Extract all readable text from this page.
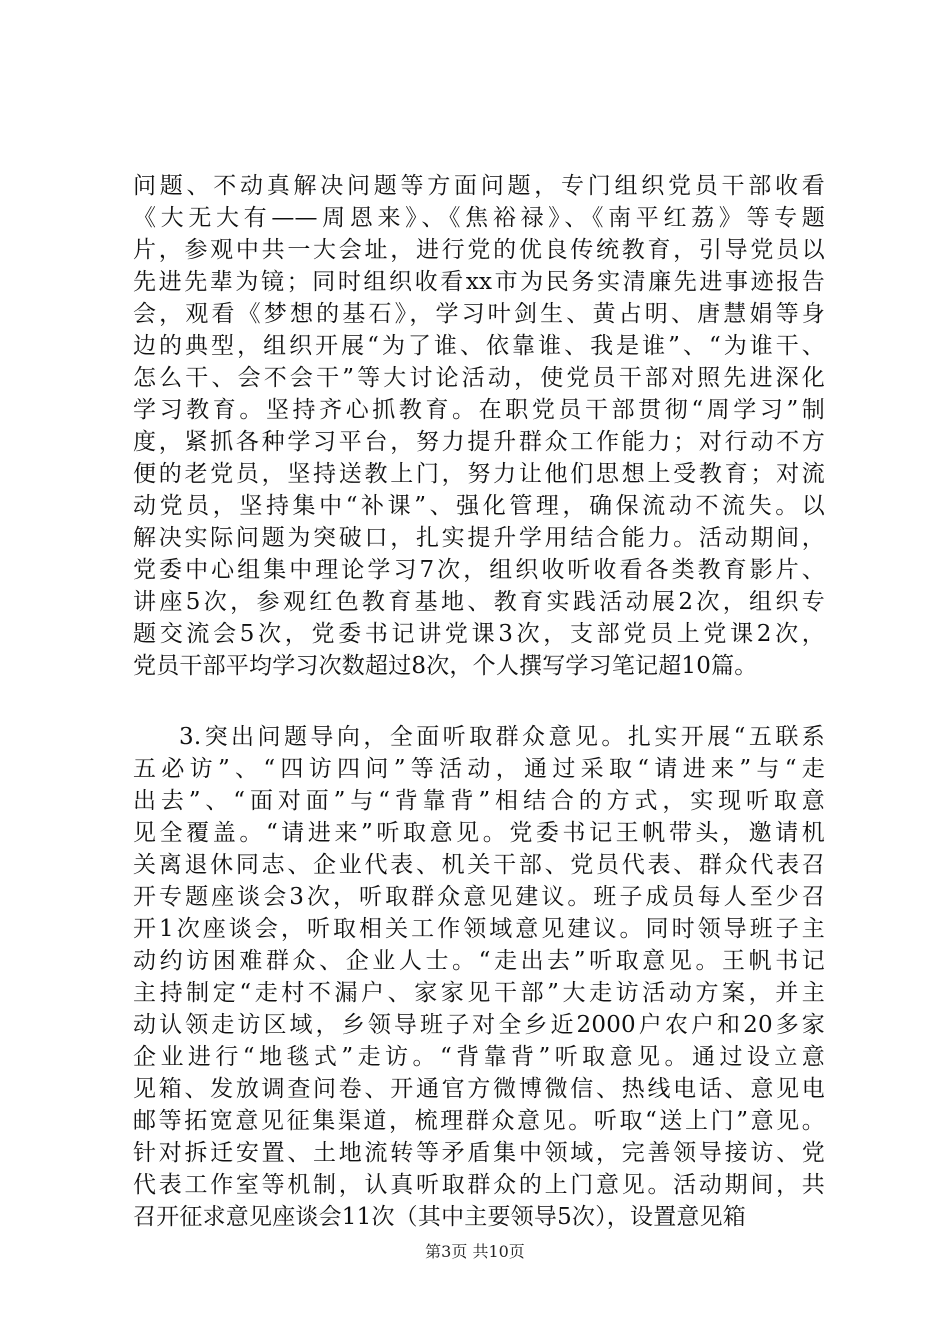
问题、不动真解决问题等方面问题，专门组织党员干部收看
《大无大有——周恩来》、《焦裕禄》、《南平红荔》等专题
片，参观中共一大会址，进行党的优良传统教育，引导党员以
先进先辈为镜；同时组织收看xx市为民务实清廉先进事迹报告
会，观看《梦想的基石》，学习叶剑生、黄占明、唐慧娟等身
边的典型，组织开展“为了谁、依靠谁、我是谁”、“为谁干、
怎么干、会不会干”等大讨论活动，使党员干部对照先进深化
学习教育。坚持齐心抓教育。在职党员干部贯彻“周学习”制
度，紧抓各种学习平台，努力提升群众工作能力；对行动不方
便的老党员，坚持送教上门，努力让他们思想上受教育；对流
动党员，坚持集中“补课”、强化管理，确保流动不流失。以
解决实际问题为突破口，扎实提升学用结合能力。活动期间，
党委中心组集中理论学习7次，组织收听收看各类教育影片、
讲座5次，参观红色教育基地、教育实践活动展2次，组织专
题交流会5次，党委书记讲党课3次，支部党员上党课2次，
党员干部平均学习次数超过8次，个人撰写学习笔记超10篇。
3.突出问题导向，全面听取群众意见。扎实开展“五联系
五必访”、“四访四问”等活动，通过采取“请进来”与“走
出去”、“面对面”与“背靠背”相结合的方式，实现听取意
见全覆盖。“请进来”听取意见。党委书记王帆带头，邀请机
关离退休同志、企业代表、机关干部、党员代表、群众代表召
开专题座谈会3次，听取群众意见建议。班子成员每人至少召
开1次座谈会，听取相关工作领域意见建议。同时领导班子主
动约访困难群众、企业人士。“走出去”听取意见。王帆书记
主持制定“走村不漏户、家家见干部”大走访活动方案，并主
动认领走访区域，乡领导班子对全乡近2000户农户和20多家
企业进行“地毯式”走访。“背靠背”听取意见。通过设立意
见箱、发放调查问卷、开通官方微博微信、热线电话、意见电
邮等拓宽意见征集渠道，梳理群众意见。听取“送上门”意见。
针对拆迁安置、土地流转等矛盾集中领域，完善领导接访、党
代表工作室等机制，认真听取群众的上门意见。活动期间，共
召开征求意见座谈会11次（其中主要领导5次），设置意见箱
第3页 共10页
